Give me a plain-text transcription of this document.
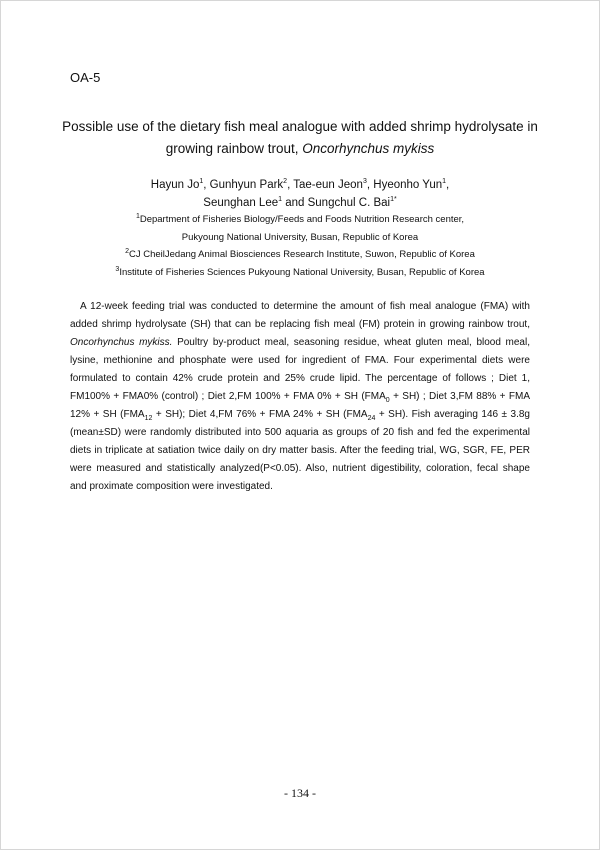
OA-5
Possible use of the dietary fish meal analogue with added shrimp hydrolysate in
growing rainbow trout, Oncorhynchus mykiss
Hayun Jo$^1$, Gunhyun Park$^2$, Tae-eun Jeon$^3$, Hyeonho Yun$^1$,
Seunghan Lee$^1$ and Sungchul C. Bai$^{1*}$
$^1$Department of Fisheries Biology/Feeds and Foods Nutrition Research center,
Pukyoung National University, Busan, Republic of Korea
$^2$CJ CheilJedang Animal Biosciences Research Institute, Suwon, Republic of Korea
$^3$Institute of Fisheries Sciences Pukyoung National University, Busan, Republic of Korea
A 12-week feeding trial was conducted to determine the amount of fish meal analogue (FMA) with added shrimp hydrolysate (SH) that can be replacing fish meal (FM) protein in growing rainbow trout, Oncorhynchus mykiss. Poultry by-product meal, seasoning residue, wheat gluten meal, blood meal, lysine, methionine and phosphate were used for ingredient of FMA. Four experimental diets were formulated to contain 42% crude protein and 25% crude lipid. The percentage of follows ; Diet 1, FM100% + FMA0% (control) ; Diet 2,FM 100% + FMA 0% + SH $(FMA_0 + SH)$ ; Diet 3,FM 88% + FMA 12% + SH $(FMA_{12} + SH)$; Diet 4,FM 76% + FMA 24% + SH $(FMA_{24} + SH)$. Fish averaging 146 ± 3.8g (mean±SD) were randomly distributed into 500 aquaria as groups of 20 fish and fed the experimental diets in triplicate at satiation twice daily on dry matter basis. After the feeding trial, WG, SGR, FE, PER were measured and statistically analyzed(P<0.05). Also, nutrient digestibility, coloration, fecal shape and proximate composition were investigated.
- 134 -
